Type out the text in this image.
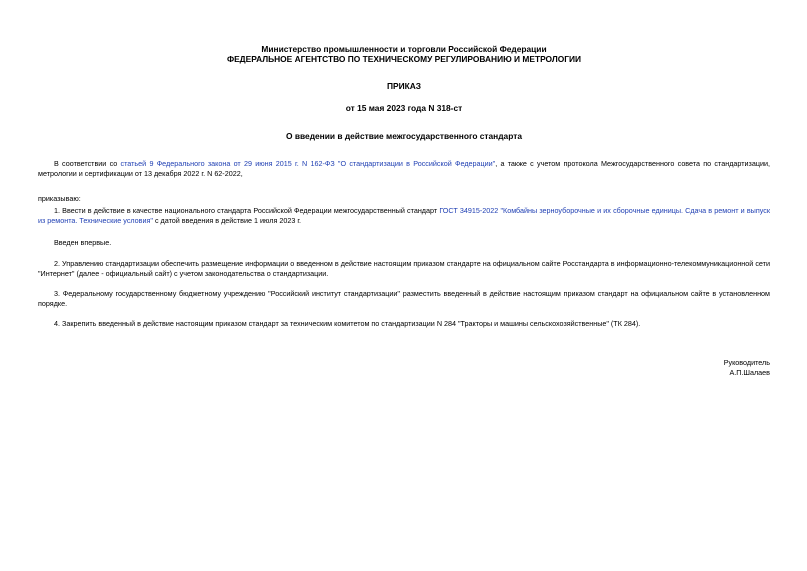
Министерство промышленности и торговли Российской Федерации
ФЕДЕРАЛЬНОЕ АГЕНТСТВО ПО ТЕХНИЧЕСКОМУ РЕГУЛИРОВАНИЮ И МЕТРОЛОГИИ
ПРИКАЗ
от 15 мая 2023 года N 318-ст
О введении в действие межгосударственного стандарта
В соответствии со статьей 9 Федерального закона от 29 июня 2015 г. N 162-ФЗ "О стандартизации в Российской Федерации", а также с учетом протокола Межгосударственного совета по стандартизации, метрологии и сертификации от 13 декабря 2022 г. N 62-2022,
приказываю:
1. Ввести в действие в качестве национального стандарта Российской Федерации межгосударственный стандарт ГОСТ 34915-2022 "Комбайны зерноуборочные и их сборочные единицы. Сдача в ремонт и выпуск из ремонта. Технические условия" с датой введения в действие 1 июля 2023 г.
Введен впервые.
2. Управлению стандартизации обеспечить размещение информации о введенном в действие настоящим приказом стандарте на официальном сайте Росстандарта в информационно-телекоммуникационной сети "Интернет" (далее - официальный сайт) с учетом законодательства о стандартизации.
3. Федеральному государственному бюджетному учреждению "Российский институт стандартизации" разместить введенный в действие настоящим приказом стандарт на официальном сайте в установленном порядке.
4. Закрепить введенный в действие настоящим приказом стандарт за техническим комитетом по стандартизации N 284 "Тракторы и машины сельскохозяйственные" (ТК 284).
Руководитель
А.П.Шалаев
